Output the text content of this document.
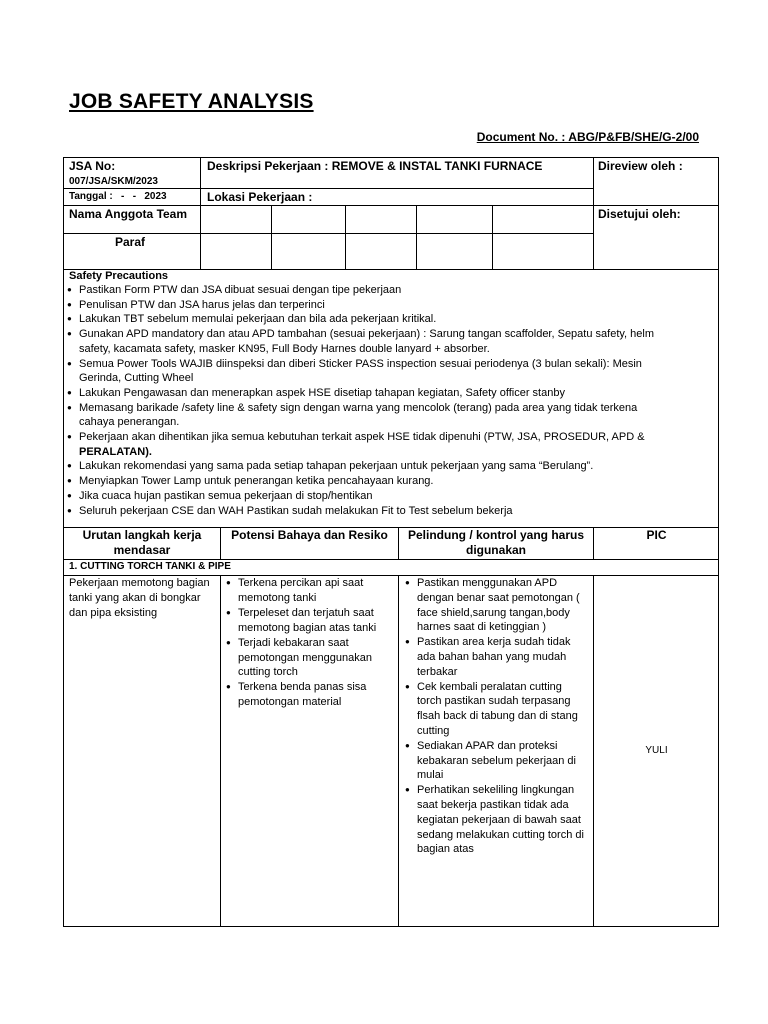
JOB SAFETY ANALYSIS
Document No. : ABG/P&FB/SHE/G-2/00
JSA No:
007/JSA/SKM/2023
Tanggal :   -   -   2023
Deskripsi Pekerjaan : REMOVE & INSTAL TANKI FURNACE
Lokasi Pekerjaan :
Direview oleh :
Disetujui oleh:
Nama Anggota Team
Paraf
Safety Precautions
● Pastikan Form PTW dan JSA dibuat sesuai dengan tipe pekerjaan
● Penulisan PTW dan JSA harus jelas dan terperinci
● Lakukan TBT sebelum memulai pekerjaan dan bila ada pekerjaan kritikal.
● Gunakan APD mandatory dan atau APD tambahan (sesuai pekerjaan) : Sarung tangan scaffolder, Sepatu safety, helm
safety, kacamata safety, masker KN95, Full Body Harnes double lanyard + absorber.
● Semua Power Tools WAJIB diinspeksi dan diberi Sticker PASS inspection sesuai periodenya (3 bulan sekali): Mesin
Gerinda, Cutting Wheel
● Lakukan Pengawasan dan menerapkan aspek HSE disetiap tahapan kegiatan, Safety officer stanby
● Memasang barikade /safety line & safety sign dengan warna yang mencolok (terang) pada area yang tidak terkena
cahaya penerangan.
● Pekerjaan akan dihentikan jika semua kebutuhan terkait aspek HSE tidak dipenuhi (PTW, JSA, PROSEDUR, APD &
PERALATAN).
● Lakukan rekomendasi yang sama pada setiap tahapan pekerjaan untuk pekerjaan yang sama “Berulang”.
● Menyiapkan Tower Lamp untuk penerangan ketika pencahayaan kurang.
● Jika cuaca hujan pastikan semua pekerjaan di stop/hentikan
● Seluruh pekerjaan CSE dan WAH Pastikan sudah melakukan Fit to Test sebelum bekerja
Urutan langkah kerja mendasar
Potensi Bahaya dan Resiko	Pelindung / kontrol yang harus digunakan
PIC
1. CUTTING TORCH TANKI & PIPE
Pekerjaan memotong bagian tanki yang akan di bongkar dan pipa eksisting
● Terkena percikan api saat memotong tanki
● Terpeleset dan terjatuh saat memotong bagian atas tanki
● Terjadi kebakaran saat pemotongan menggunakan cutting torch
● Terkena benda panas sisa pemotongan material
● Pastikan menggunakan APD dengan benar saat pemotongan ( face shield,sarung tangan,body harnes saat di ketinggian )
● Pastikan area kerja sudah tidak ada bahan bahan yang mudah terbakar
● Cek kembali peralatan cutting torch pastikan sudah terpasang flsah back di tabung dan di stang cutting
● Sediakan APAR dan proteksi kebakaran sebelum pekerjaan di mulai
● Perhatikan sekeliling lingkungan saat bekerja pastikan tidak ada kegiatan pekerjaan di bawah saat sedang melakukan cutting torch di bagian atas
YULI
